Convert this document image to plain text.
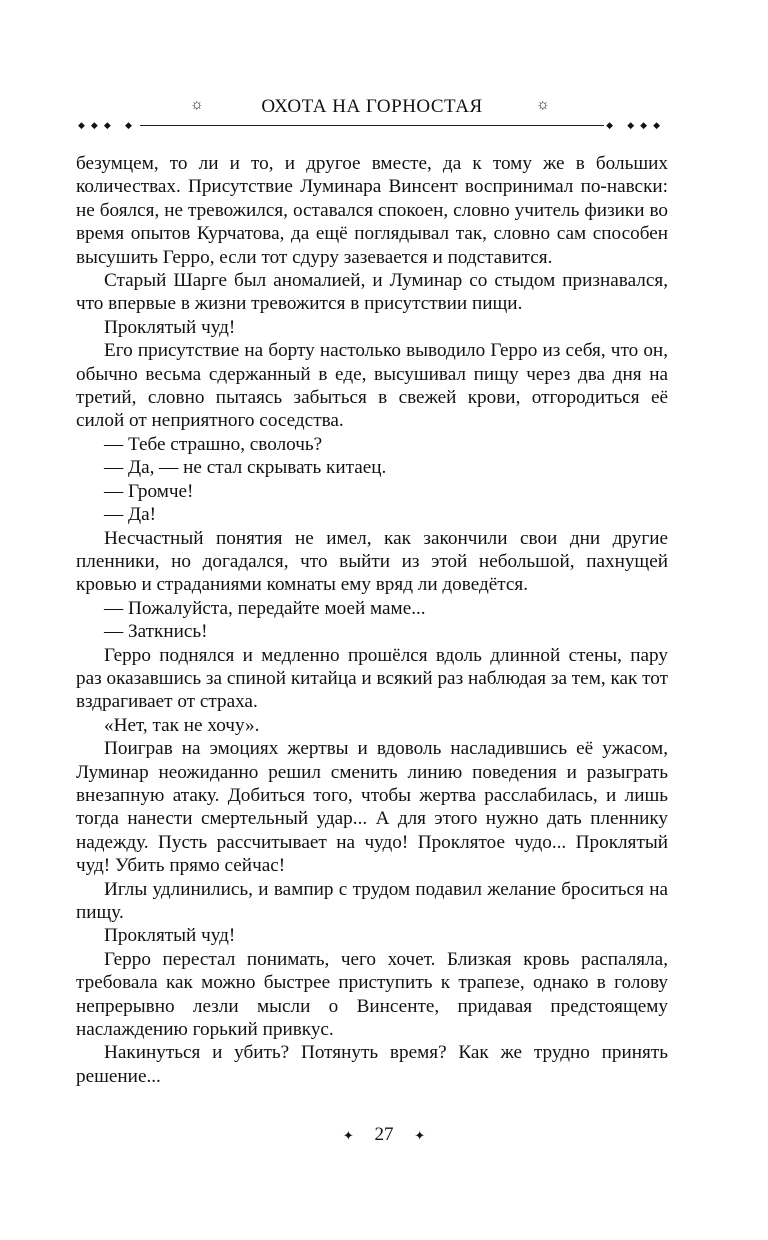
☼	ОХОТА НА ГОРНОСТАЯ	☼
◆◆◆ ◆	◆ ◆◆◆

безумцем, то ли и то, и другое вместе, да к тому же в больших количествах. Присутствие Луминара Винсент воспринимал по-навски: не боялся, не тревожился, оставался спокоен, словно учитель физики во время опытов Курчатова, да ещё поглядывал так, словно сам способен высушить Герро, если тот сдуру зазевается и подставится.

Старый Шарге был аномалией, и Луминар со стыдом признавался, что впервые в жизни тревожится в присутствии пищи.

Проклятый чуд!

Его присутствие на борту настолько выводило Герро из себя, что он, обычно весьма сдержанный в еде, высушивал пищу через два дня на третий, словно пытаясь забыться в свежей крови, отгородиться её силой от неприятного соседства.

— Тебе страшно, сволочь?

— Да, — не стал скрывать китаец.

— Громче!

— Да!

Несчастный понятия не имел, как закончили свои дни другие пленники, но догадался, что выйти из этой небольшой, пахнущей кровью и страданиями комнаты ему вряд ли доведётся.

— Пожалуйста, передайте моей маме...

— Заткнись!

Герро поднялся и медленно прошёлся вдоль длинной стены, пару раз оказавшись за спиной китайца и всякий раз наблюдая за тем, как тот вздрагивает от страха.

«Нет, так не хочу».

Поиграв на эмоциях жертвы и вдоволь насладившись её ужасом, Луминар неожиданно решил сменить линию поведения и разыграть внезапную атаку. Добиться того, чтобы жертва расслабилась, и лишь тогда нанести смертельный удар... А для этого нужно дать пленнику надежду. Пусть рассчитывает на чудо! Проклятое чудо... Проклятый чуд! Убить прямо сейчас!

Иглы удлинились, и вампир с трудом подавил желание броситься на пищу.

Проклятый чуд!

Герро перестал понимать, чего хочет. Близкая кровь распаляла, требовала как можно быстрее приступить к трапезе, однако в голову непрерывно лезли мысли о Винсенте, придавая предстоящему наслаждению горький привкус.

Накинуться и убить? Потянуть время? Как же трудно принять решение...

✦ 27 ✦
